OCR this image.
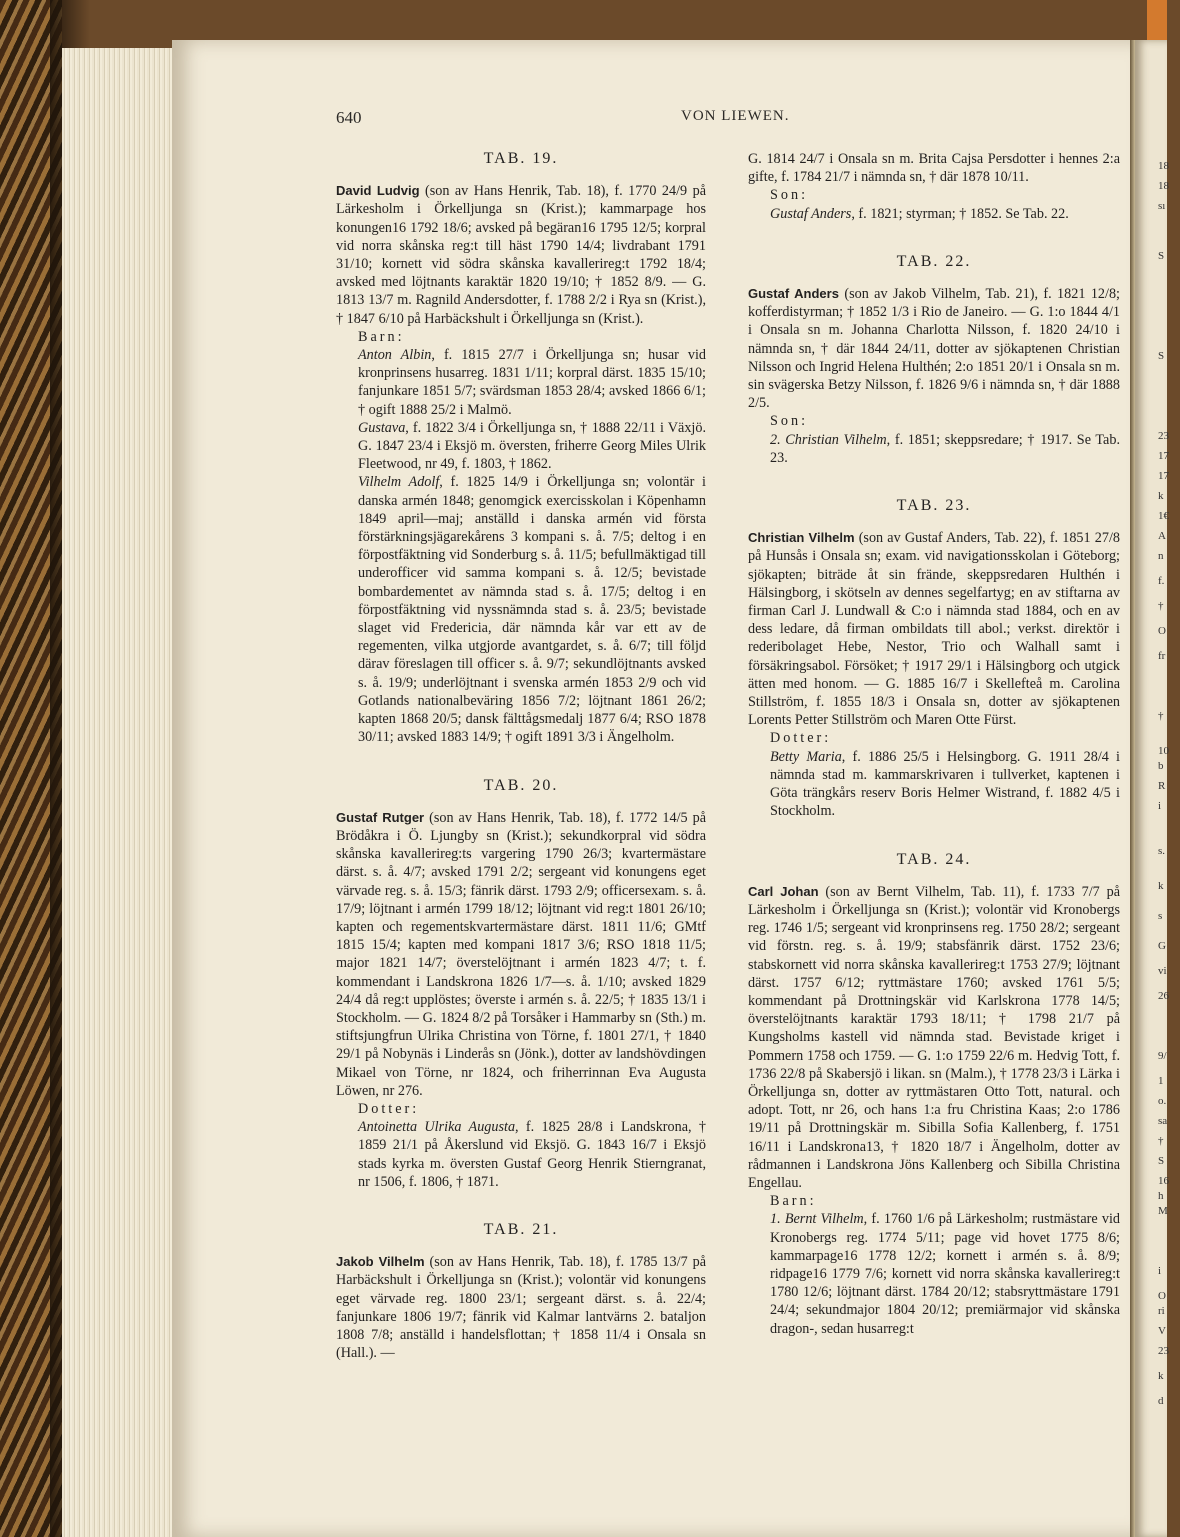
18
18
sı
S
S
23
17
17
k
1€
A
n
f.
†
O
fr
†
10
b
R
i
s.
k
s
G
vi
26
9/
1
o.
sa
†
S
16
h
M
i
O
ri
V
23
k
d
640	VON LIEWEN.
TAB. 19.

David Ludvig (son av Hans Henrik, Tab. 18), f. 1770 24/9 på Lärkesholm i Örkelljunga sn (Krist.); kammarpage hos konungen16 1792 18/6; avsked på begäran16 1795 12/5; korpral vid norra skånska reg:t till häst 1790 14/4; livdrabant 1791 31/10; kornett vid södra skånska kavallerireg:t 1792 18/4; avsked med löjtnants karaktär 1820 19/10; † 1852 8/9. — G. 1813 13/7 m. Ragnild Andersdotter, f. 1788 2/2 i Rya sn (Krist.), † 1847 6/10 på Harbäckshult i Örkelljunga sn (Krist.).

Barn:

Anton Albin, f. 1815 27/7 i Örkelljunga sn; husar vid kronprinsens husarreg. 1831 1/11; korpral därst. 1835 15/10; fanjunkare 1851 5/7; svärdsman 1853 28/4; avsked 1866 6/1; † ogift 1888 25/2 i Malmö.

Gustava, f. 1822 3/4 i Örkelljunga sn, † 1888 22/11 i Växjö. G. 1847 23/4 i Eksjö m. översten, friherre Georg Miles Ulrik Fleetwood, nr 49, f. 1803, † 1862.

Vilhelm Adolf, f. 1825 14/9 i Örkelljunga sn; volontär i danska armén 1848; genomgick exercisskolan i Köpenhamn 1849 april—maj; anställd i danska armén vid första förstärkningsjägarekårens 3 kompani s. å. 7/5; deltog i en förpostfäktning vid Sonderburg s. å. 11/5; befullmäktigad till underofficer vid samma kompani s. å. 12/5; bevistade bombardementet av nämnda stad s. å. 17/5; deltog i en förpostfäktning vid nyssnämnda stad s. å. 23/5; bevistade slaget vid Fredericia, där nämnda kår var ett av de regementen, vilka utgjorde avantgardet, s. å. 6/7; till följd därav föreslagen till officer s. å. 9/7; sekundlöjtnants avsked s. å. 19/9; underlöjtnant i svenska armén 1853 2/9 och vid Gotlands nationalbeväring 1856 7/2; löjtnant 1861 26/2; kapten 1868 20/5; dansk fälttågsmedalj 1877 6/4; RSO 1878 30/11; avsked 1883 14/9; † ogift 1891 3/3 i Ängelholm.

TAB. 20.

Gustaf Rutger (son av Hans Henrik, Tab. 18), f. 1772 14/5 på Brödåkra i Ö. Ljungby sn (Krist.); sekundkorpral vid södra skånska kavallerireg:ts vargering 1790 26/3; kvartermästare därst. s. å. 4/7; avsked 1791 2/2; sergeant vid konungens eget värvade reg. s. å. 15/3; fänrik därst. 1793 2/9; officersexam. s. å. 17/9; löjtnant i armén 1799 18/12; löjtnant vid reg:t 1801 26/10; kapten och regementskvartermästare därst. 1811 11/6; GMtf 1815 15/4; kapten med kompani 1817 3/6; RSO 1818 11/5; major 1821 14/7; överstelöjtnant i armén 1823 4/7; t. f. kommendant i Landskrona 1826 1/7—s. å. 1/10; avsked 1829 24/4 då reg:t upplöstes; överste i armén s. å. 22/5; † 1835 13/1 i Stockholm. — G. 1824 8/2 på Torsåker i Hammarby sn (Sth.) m. stiftsjungfrun Ulrika Christina von Törne, f. 1801 27/1, † 1840 29/1 på Nobynäs i Linderås sn (Jönk.), dotter av landshövdingen Mikael von Törne, nr 1824, och friherrinnan Eva Augusta Löwen, nr 276.

Dotter:

Antoinetta Ulrika Augusta, f. 1825 28/8 i Landskrona, † 1859 21/1 på Åkerslund vid Eksjö. G. 1843 16/7 i Eksjö stads kyrka m. översten Gustaf Georg Henrik Stierngranat, nr 1506, f. 1806, † 1871.

TAB. 21.

Jakob Vilhelm (son av Hans Henrik, Tab. 18), f. 1785 13/7 på Harbäckshult i Örkelljunga sn (Krist.); volontär vid konungens eget värvade reg. 1800 23/1; sergeant därst. s. å. 22/4; fanjunkare 1806 19/7; fänrik vid Kalmar lantvärns 2. bataljon 1808 7/8; anställd i handelsflottan; † 1858 11/4 i Onsala sn (Hall.). —

G. 1814 24/7 i Onsala sn m. Brita Cajsa Persdotter i hennes 2:a gifte, f. 1784 21/7 i nämnda sn, † där 1878 10/11.

Son:

Gustaf Anders, f. 1821; styrman; † 1852. Se Tab. 22.

TAB. 22.

Gustaf Anders (son av Jakob Vilhelm, Tab. 21), f. 1821 12/8; kofferdistyrman; † 1852 1/3 i Rio de Janeiro. — G. 1:o 1844 4/1 i Onsala sn m. Johanna Charlotta Nilsson, f. 1820 24/10 i nämnda sn, † där 1844 24/11, dotter av sjökaptenen Christian Nilsson och Ingrid Helena Hulthén; 2:o 1851 20/1 i Onsala sn m. sin svägerska Betzy Nilsson, f. 1826 9/6 i nämnda sn, † där 1888 2/5.

Son:

2. Christian Vilhelm, f. 1851; skeppsredare; † 1917. Se Tab. 23.

TAB. 23.

Christian Vilhelm (son av Gustaf Anders, Tab. 22), f. 1851 27/8 på Hunsås i Onsala sn; exam. vid navigationsskolan i Göteborg; sjökapten; biträde åt sin frände, skeppsredaren Hulthén i Hälsingborg, i skötseln av dennes segelfartyg; en av stiftarna av firman Carl J. Lundwall & C:o i nämnda stad 1884, och en av dess ledare, då firman ombildats till abol.; verkst. direktör i rederibolaget Hebe, Nestor, Trio och Walhall samt i försäkringsabol. Försöket; † 1917 29/1 i Hälsingborg och utgick ätten med honom. — G. 1885 16/7 i Skellefteå m. Carolina Stillström, f. 1855 18/3 i Onsala sn, dotter av sjökaptenen Lorents Petter Stillström och Maren Otte Fürst.

Dotter:

Betty Maria, f. 1886 25/5 i Helsingborg. G. 1911 28/4 i nämnda stad m. kammarskrivaren i tullverket, kaptenen i Göta trängkårs reserv Boris Helmer Wistrand, f. 1882 4/5 i Stockholm.

TAB. 24.

Carl Johan (son av Bernt Vilhelm, Tab. 11), f. 1733 7/7 på Lärkesholm i Örkelljunga sn (Krist.); volontär vid Kronobergs reg. 1746 1/5; sergeant vid kronprinsens reg. 1750 28/2; sergeant vid förstn. reg. s. å. 19/9; stabsfänrik därst. 1752 23/6; stabskornett vid norra skånska kavallerireg:t 1753 27/9; löjtnant därst. 1757 6/12; ryttmästare 1760; avsked 1761 5/5; kommendant på Drottningskär vid Karlskrona 1778 14/5; överstelöjtnants karaktär 1793 18/11; † 1798 21/7 på Kungsholms kastell vid nämnda stad. Bevistade kriget i Pommern 1758 och 1759. — G. 1:o 1759 22/6 m. Hedvig Tott, f. 1736 22/8 på Skabersjö i likan. sn (Malm.), † 1778 23/3 i Lärka i Örkelljunga sn, dotter av ryttmästaren Otto Tott, natural. och adopt. Tott, nr 26, och hans 1:a fru Christina Kaas; 2:o 1786 19/11 på Drottningskär m. Sibilla Sofia Kallenberg, f. 1751 16/11 i Landskrona13, † 1820 18/7 i Ängelholm, dotter av rådmannen i Landskrona Jöns Kallenberg och Sibilla Christina Engellau.

Barn:

1. Bernt Vilhelm, f. 1760 1/6 på Lärkesholm; rustmästare vid Kronobergs reg. 1774 5/11; page vid hovet 1775 8/6; kammarpage16 1778 12/2; kornett i armén s. å. 8/9; ridpage16 1779 7/6; kornett vid norra skånska kavallerireg:t 1780 12/6; löjtnant därst. 1784 20/12; stabsryttmästare 1791 24/4; sekundmajor 1804 20/12; premiärmajor vid skånska dragon-, sedan husarreg:t
